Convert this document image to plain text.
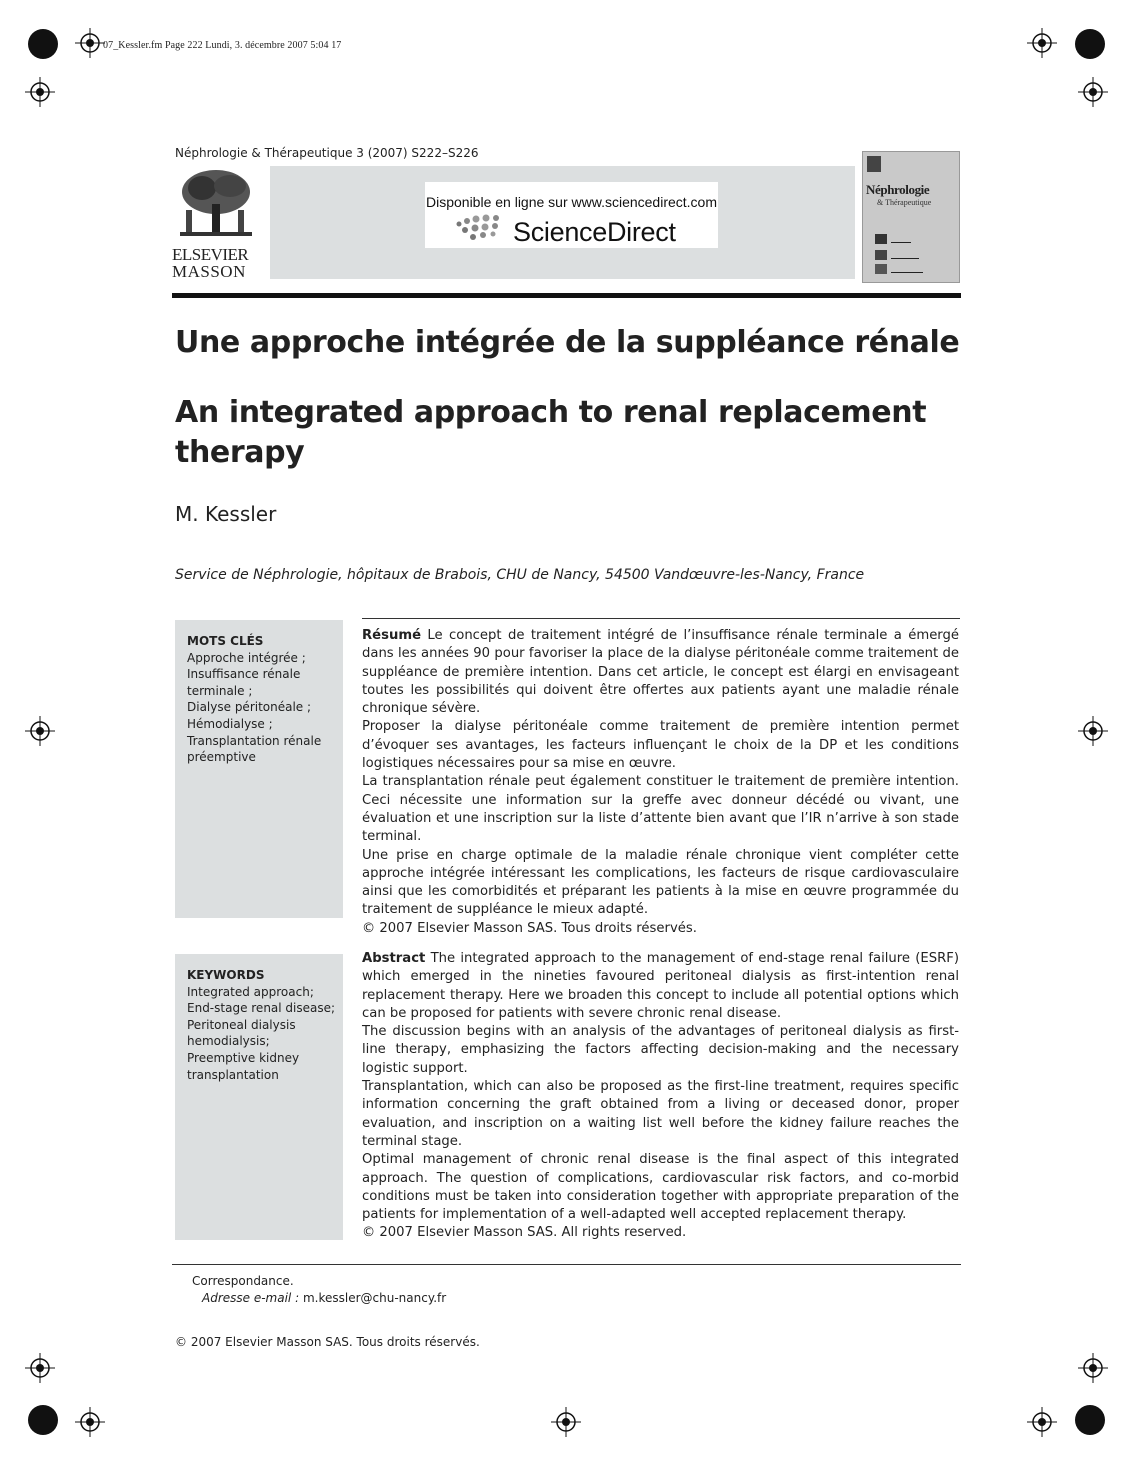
07_Kessler.fm Page 222 Lundi, 3. décembre 2007 5:04 17
Néphrologie & Thérapeutique 3 (2007) S222–S226
ELSEVIER
MASSON
Disponible en ligne sur www.sciencedirect.com
ScienceDirect
Néphrologie
& Thérapeutique
Une approche intégrée de la suppléance rénale
An integrated approach to renal replacement therapy
M. Kessler
Service de Néphrologie, hôpitaux de Brabois, CHU de Nancy, 54500 Vandœuvre-les-Nancy, France
MOTS CLÉS
Approche intégrée ;
Insuffisance rénale
terminale ;
Dialyse péritonéale ;
Hémodialyse ;
Transplantation rénale
préemptive

Résumé Le concept de traitement intégré de l’insuffisance rénale terminale a émergé dans les années 90 pour favoriser la place de la dialyse péritonéale comme traitement de suppléance de première intention. Dans cet article, le concept est élargi en envisageant toutes les possibilités qui doivent être offertes aux patients ayant une maladie rénale chronique sévère.

Proposer la dialyse péritonéale comme traitement de première intention permet d’évoquer ses avantages, les facteurs influençant le choix de la DP et les conditions logistiques nécessaires pour sa mise en œuvre.

La transplantation rénale peut également constituer le traitement de première intention. Ceci nécessite une information sur la greffe avec donneur décédé ou vivant, une évaluation et une inscription sur la liste d’attente bien avant que l’IR n’arrive à son stade terminal.

Une prise en charge optimale de la maladie rénale chronique vient compléter cette approche intégrée intéressant les complications, les facteurs de risque cardiovasculaire ainsi que les comorbidités et préparant les patients à la mise en œuvre programmée du traitement de suppléance le mieux adapté.

© 2007 Elsevier Masson SAS. Tous droits réservés.

KEYWORDS
Integrated approach;
End-stage renal disease;
Peritoneal dialysis
hemodialysis;
Preemptive kidney
transplantation

Abstract The integrated approach to the management of end-stage renal failure (ESRF) which emerged in the nineties favoured peritoneal dialysis as first-intention renal replacement therapy. Here we broaden this concept to include all potential options which can be proposed for patients with severe chronic renal disease.

The discussion begins with an analysis of the advantages of peritoneal dialysis as first-line therapy, emphasizing the factors affecting decision-making and the necessary logistic support.

Transplantation, which can also be proposed as the first-line treatment, requires specific information concerning the graft obtained from a living or deceased donor, proper evaluation, and inscription on a waiting list well before the kidney failure reaches the terminal stage.

Optimal management of chronic renal disease is the final aspect of this integrated approach. The question of complications, cardiovascular risk factors, and co-morbid conditions must be taken into consideration together with appropriate preparation of the patients for implementation of a well-adapted well accepted replacement therapy.

© 2007 Elsevier Masson SAS. All rights reserved.

Correspondance.
Adresse e-mail : m.kessler@chu-nancy.fr
© 2007 Elsevier Masson SAS. Tous droits réservés.
